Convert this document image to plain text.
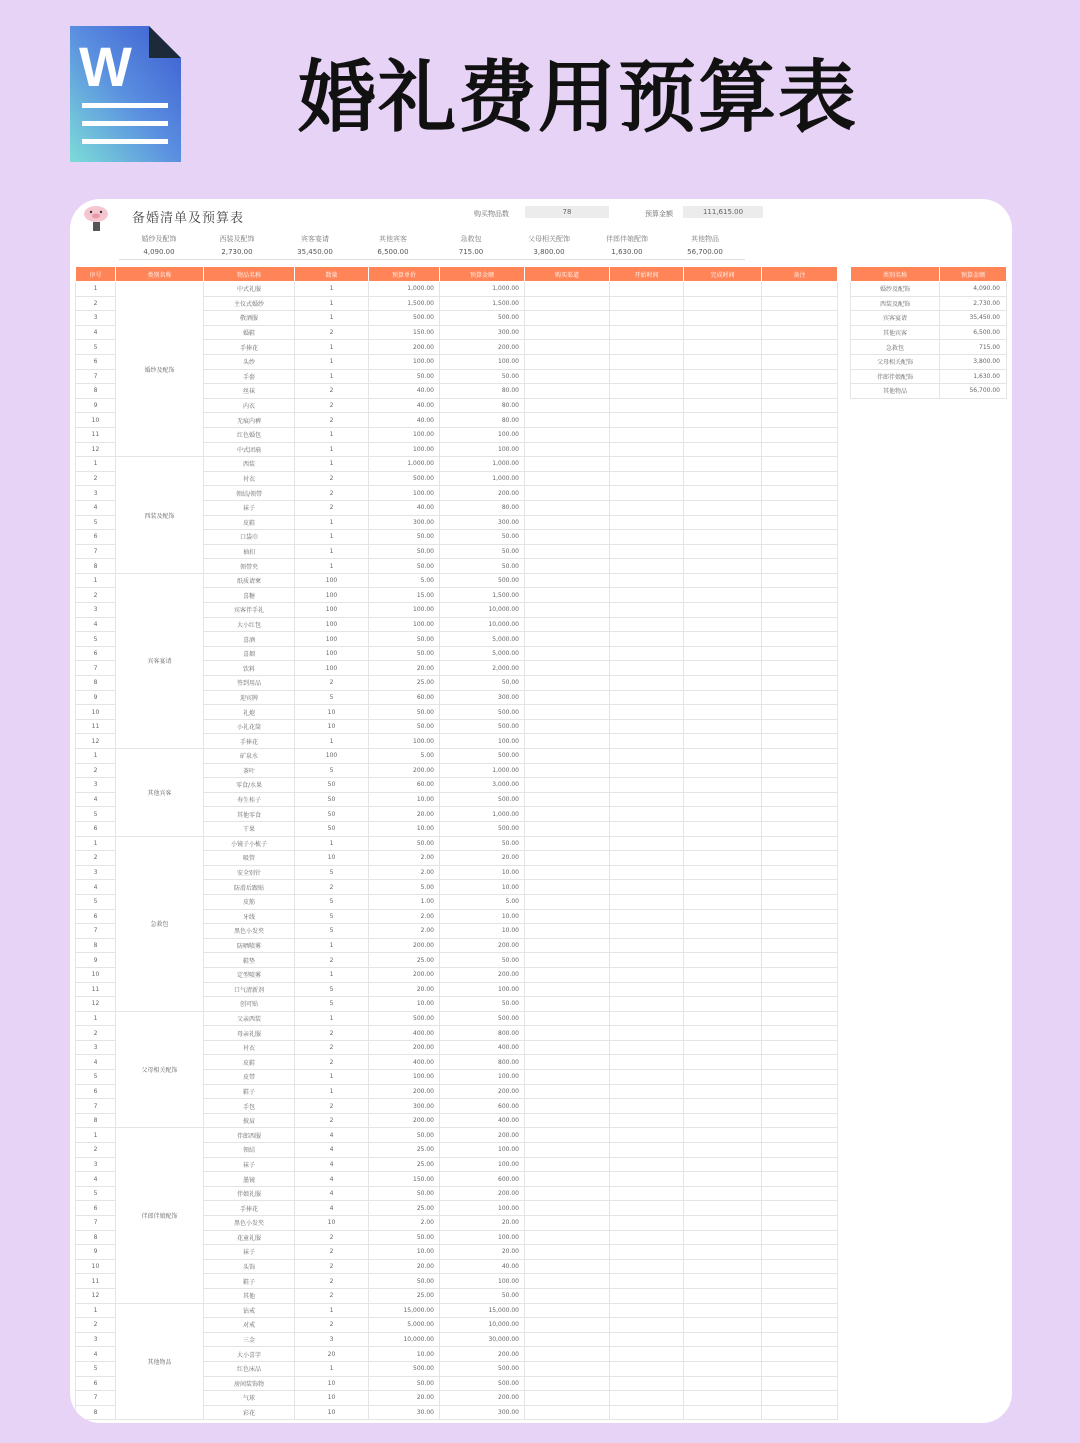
W 婚礼费用预算表
备婚清单及预算表	购买物品数	78	预算金额	111,615.00
婚纱及配饰
4,090.00
西装及配饰
2,730.00
宾客宴请
35,450.00
其他宾客
6,500.00
急救包
715.00
父母相关配饰
3,800.00
伴郎伴娘配饰
1,630.00
其他物品
56,700.00
序号	类别名称	物品名称	数量	预算单价	预算金额	购买渠道	开始时间	完成时间	备注
1	婚纱及配饰	中式礼服	1	1,000.00	1,000.00				
2		主仪式婚纱	1	1,500.00	1,500.00				
3		敬酒服	1	500.00	500.00				
4		婚鞋	2	150.00	300.00				
5		手捧花	1	200.00	200.00				
6		头纱	1	100.00	100.00				
7		手套	1	50.00	50.00				
8		丝袜	2	40.00	80.00				
9		内衣	2	40.00	80.00				
10		无痕内裤	2	40.00	80.00				
11		红色婚包	1	100.00	100.00				
12		中式团扇	1	100.00	100.00				
1	西装及配饰	西装	1	1,000.00	1,000.00				
2		衬衣	2	500.00	1,000.00				
3		领结/领带	2	100.00	200.00				
4		袜子	2	40.00	80.00				
5		皮鞋	1	300.00	300.00				
6		口袋巾	1	50.00	50.00				
7		袖扣	1	50.00	50.00				
8		领带夹	1	50.00	50.00				
1	宾客宴请	纸质请柬	100	5.00	500.00				
2		喜糖	100	15.00	1,500.00				
3		宾客伴手礼	100	100.00	10,000.00				
4		大小红包	100	100.00	10,000.00				
5		喜酒	100	50.00	5,000.00				
6		喜烟	100	50.00	5,000.00				
7		饮料	100	20.00	2,000.00				
8		签到用品	2	25.00	50.00				
9		迎宾牌	5	60.00	300.00				
10		礼炮	10	50.00	500.00				
11		小礼花筒	10	50.00	500.00				
12		手捧花	1	100.00	100.00				
1	其他宾客	矿泉水	100	5.00	500.00				
2		茶叶	5	200.00	1,000.00				
3		零食/水果	50	60.00	3,000.00				
4		寿生桂子	50	10.00	500.00				
5		其他零食	50	20.00	1,000.00				
6		干果	50	10.00	500.00				
1	急救包	小镜子小梳子	1	50.00	50.00				
2		吸管	10	2.00	20.00				
3		安全别针	5	2.00	10.00				
4		防滑后跟贴	2	5.00	10.00				
5		皮筋	5	1.00	5.00				
6		牙线	5	2.00	10.00				
7		黑色小发夹	5	2.00	10.00				
8		防晒喷雾	1	200.00	200.00				
9		鞋垫	2	25.00	50.00				
10		定型喷雾	1	200.00	200.00				
11		口气清新剂	5	20.00	100.00				
12		创可贴	5	10.00	50.00				
1	父母相关配饰	父亲西装	1	500.00	500.00				
2		母亲礼服	2	400.00	800.00				
3		衬衣	2	200.00	400.00				
4		皮鞋	2	400.00	800.00				
5		皮带	1	100.00	100.00				
6		鞋子	1	200.00	200.00				
7		手包	2	300.00	600.00				
8		披肩	2	200.00	400.00				
1	伴郎伴娘配饰	伴郎西服	4	50.00	200.00				
2		领结	4	25.00	100.00				
3		袜子	4	25.00	100.00				
4		墨镜	4	150.00	600.00				
5		伴娘礼服	4	50.00	200.00				
6		手捧花	4	25.00	100.00				
7		黑色小发夹	10	2.00	20.00				
8		花童礼服	2	50.00	100.00				
9		袜子	2	10.00	20.00				
10		头饰	2	20.00	40.00				
11		鞋子	2	50.00	100.00				
12		其他	2	25.00	50.00				
1	其他物品	钻戒	1	15,000.00	15,000.00				
2		对戒	2	5,000.00	10,000.00				
3		三金	3	10,000.00	30,000.00				
4		大小喜字	20	10.00	200.00				
5		红色床品	1	500.00	500.00				
6		房间装饰物	10	50.00	500.00				
7		气球	10	20.00	200.00				
8		彩花	10	30.00	300.00				
类别名称	预算金额
婚纱及配饰	4,090.00
西装及配饰	2,730.00
宾客宴请	35,450.00
其他宾客	6,500.00
急救包	715.00
父母相关配饰	3,800.00
伴郎伴娘配饰	1,630.00
其他物品	56,700.00
